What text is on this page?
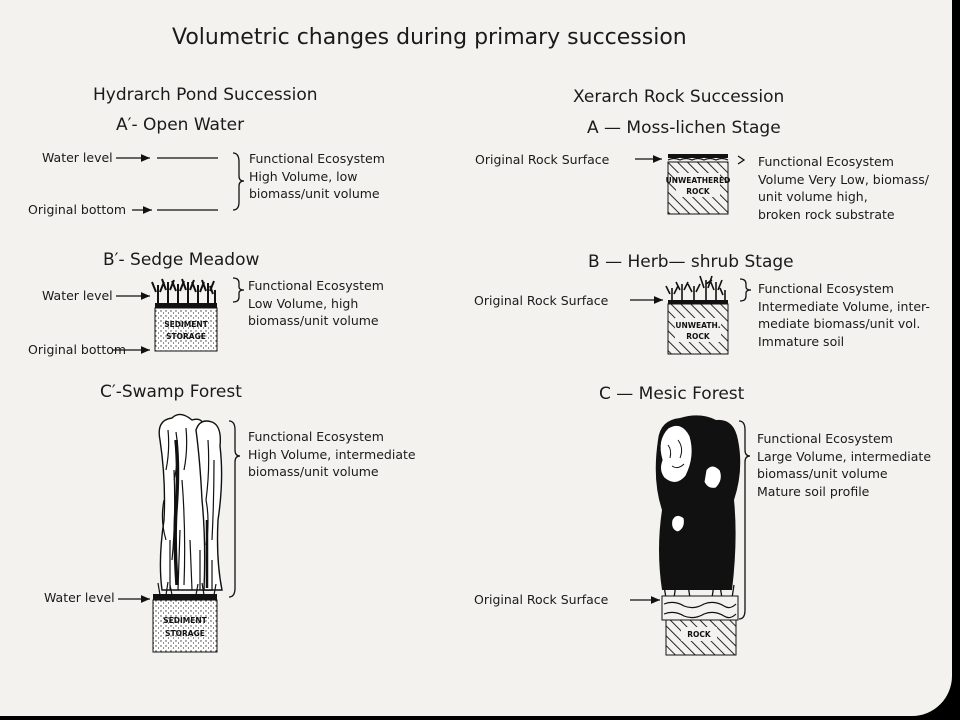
SEDIMENT
STORAGE
SEDIMENT
STORAGE
UNWEATHERED
ROCK
UNWEATH.
ROCK
ROCK
Volumetric changes during primary succession
Hydrarch Pond Succession
A′- Open Water
Water level
Original bottom
Functional Ecosystem
High Volume, low
biomass/unit volume
B′- Sedge Meadow
Water level
Original bottom
Functional Ecosystem
Low Volume, high
biomass/unit volume
C′-Swamp Forest
Water level
Functional Ecosystem
High Volume, intermediate
biomass/unit volume
Xerarch Rock Succession
A — Moss-lichen Stage
Original Rock Surface	Functional Ecosystem
Volume Very Low, biomass/
unit volume high,
broken rock substrate
B — Herb— shrub Stage
Original Rock Surface
Functional Ecosystem
Intermediate Volume, inter-
mediate biomass/unit vol.
Immature soil
C — Mesic Forest
Original Rock Surface
Functional Ecosystem
Large Volume, intermediate
biomass/unit volume
Mature soil profile
